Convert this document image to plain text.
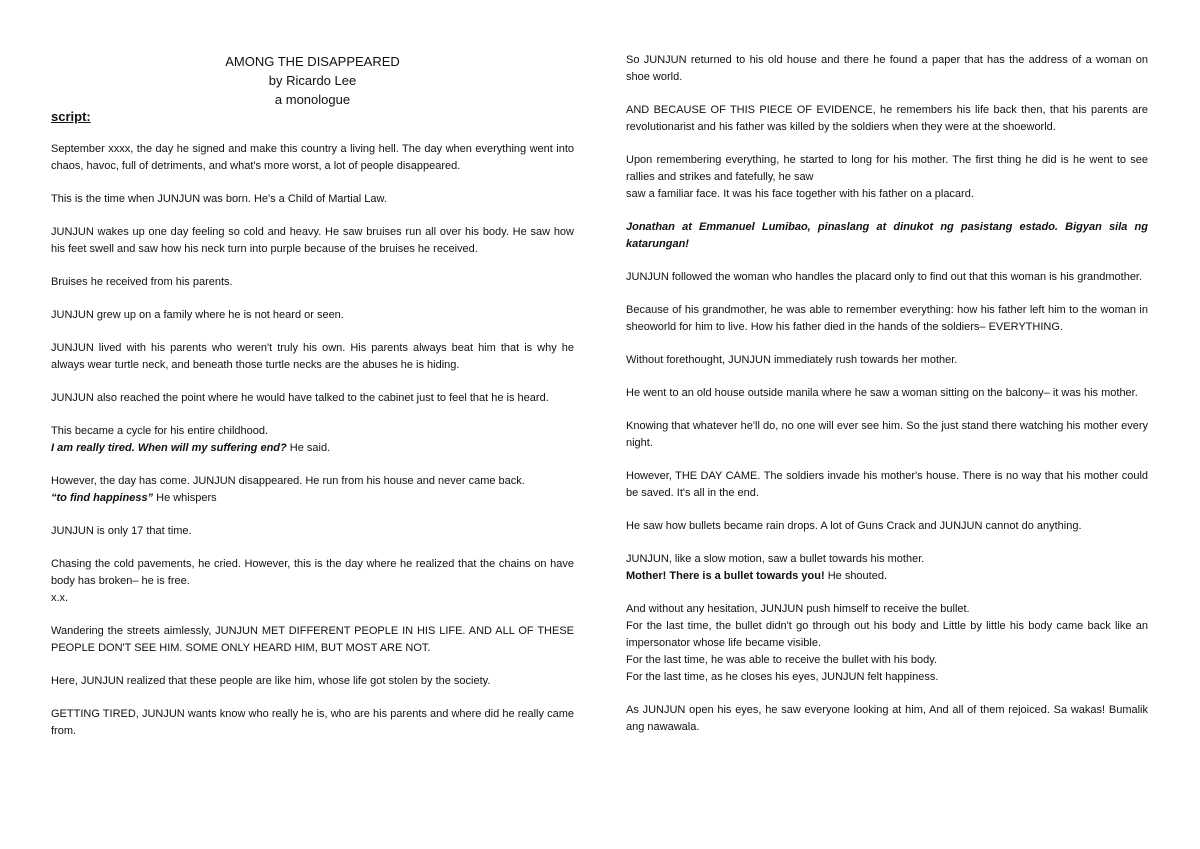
AMONG THE DISAPPEARED
by Ricardo Lee
a monologue
script:

September xxxx, the day he signed and make this country a living hell. The day when everything went into chaos, havoc, full of detriments, and what's more worst, a lot of people disappeared.

This is the time when JUNJUN was born. He's a Child of Martial Law.

JUNJUN wakes up one day feeling so cold and heavy. He saw bruises run all over his body. He saw how his feet swell and saw how his neck turn into purple because of the bruises he received.

Bruises he received from his parents.

JUNJUN grew up on a family where he is not heard or seen.

JUNJUN lived with his parents who weren't truly his own. His parents always beat him that is why he always wear turtle neck, and beneath those turtle necks are the abuses he is hiding.

JUNJUN also reached the point where he would have talked to the cabinet just to feel that he is heard.

This became a cycle for his entire childhood.

I am really tired. When will my suffering end? He said.

However, the day has come. JUNJUN disappeared. He run from his house and never came back.

“to find happiness” He whispers

JUNJUN is only 17 that time.

Chasing the cold pavements, he cried. However, this is the day where he realized that the chains on have body has broken– he is free.

x.x.

Wandering the streets aimlessly, JUNJUN MET DIFFERENT PEOPLE IN HIS LIFE. AND ALL OF THESE PEOPLE DON'T SEE HIM. SOME ONLY HEARD HIM, BUT MOST ARE NOT.

Here, JUNJUN realized that these people are like him, whose life got stolen by the society.

GETTING TIRED, JUNJUN wants know who really he is, who are his parents and where did he really came from.

So JUNJUN returned to his old house and there he found a paper that has the address of a woman on shoe world.

AND BECAUSE OF THIS PIECE OF EVIDENCE, he remembers his life back then, that his parents are revolutionarist and his father was killed by the soldiers when they were at the shoeworld.

Upon remembering everything, he started to long for his mother. The first thing he did is he went to see rallies and strikes and fatefully, he saw

saw a familiar face. It was his face together with his father on a placard.

Jonathan at Emmanuel Lumibao, pinaslang at dinukot ng pasistang estado. Bigyan sila ng katarungan!

JUNJUN followed the woman who handles the placard only to find out that this woman is his grandmother.

Because of his grandmother, he was able to remember everything: how his father left him to the woman in sheoworld for him to live. How his father died in the hands of the soldiers– EVERYTHING.

Without forethought, JUNJUN immediately rush towards her mother.

He went to an old house outside manila where he saw a woman sitting on the balcony– it was his mother.

Knowing that whatever he'll do, no one will ever see him. So the just stand there watching his mother every night.

However, THE DAY CAME. The soldiers invade his mother's house. There is no way that his mother could be saved. It's all in the end.

He saw how bullets became rain drops. A lot of Guns Crack and JUNJUN cannot do anything.

JUNJUN, like a slow motion, saw a bullet towards his mother.

Mother! There is a bullet towards you! He shouted.

And without any hesitation, JUNJUN push himself to receive the bullet.

For the last time, the bullet didn't go through out his body and Little by little his body came back like an impersonator whose life became visible.

For the last time, he was able to receive the bullet with his body.

For the last time, as he closes his eyes, JUNJUN felt happiness.

As JUNJUN open his eyes, he saw everyone looking at him, And all of them rejoiced. Sa wakas! Bumalik ang nawawala.
